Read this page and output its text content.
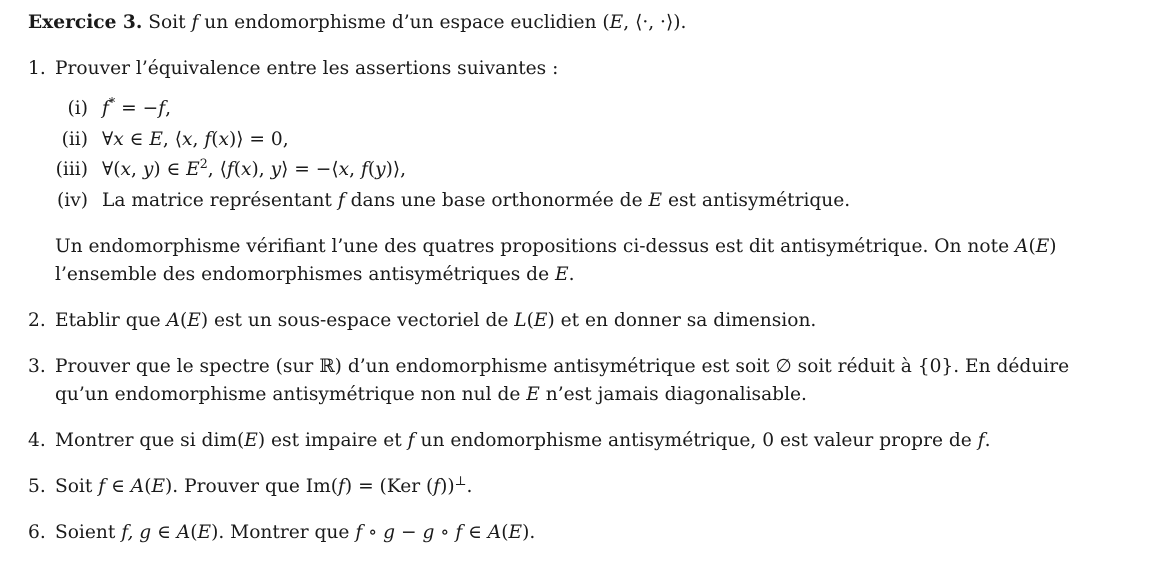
Exercice 3. Soit f un endomorphisme d’un espace euclidien (E, ⟨·, ·⟩).

1. Prouver l’équivalence entre les assertions suivantes :
(i) f* = −f,
(ii) ∀x ∈ E, ⟨x, f(x)⟩ = 0,
(iii) ∀(x, y) ∈ $E^2$, ⟨f(x), y⟩ = −⟨x, f(y)⟩,
(iv) La matrice représentant f dans une base orthonormée de E est antisymétrique.
Un endomorphisme vérifiant l’une des quatres propositions ci-dessus est dit antisymétrique. On note A(E)
l’ensemble des endomorphismes antisymétriques de E.
2. Etablir que A(E) est un sous-espace vectoriel de L(E) et en donner sa dimension.
3. Prouver que le spectre (sur ℝ) d’un endomorphisme antisymétrique est soit ∅ soit réduit à {0}. En déduire
qu’un endomorphisme antisymétrique non nul de E n’est jamais diagonalisable.
4. Montrer que si dim(E) est impaire et f un endomorphisme antisymétrique, 0 est valeur propre de f.
5. Soit f ∈ A(E). Prouver que Im(f) = (Ker (f))⊥.
6. Soient f, g ∈ A(E). Montrer que f ∘ g − g ∘ f ∈ A(E).
